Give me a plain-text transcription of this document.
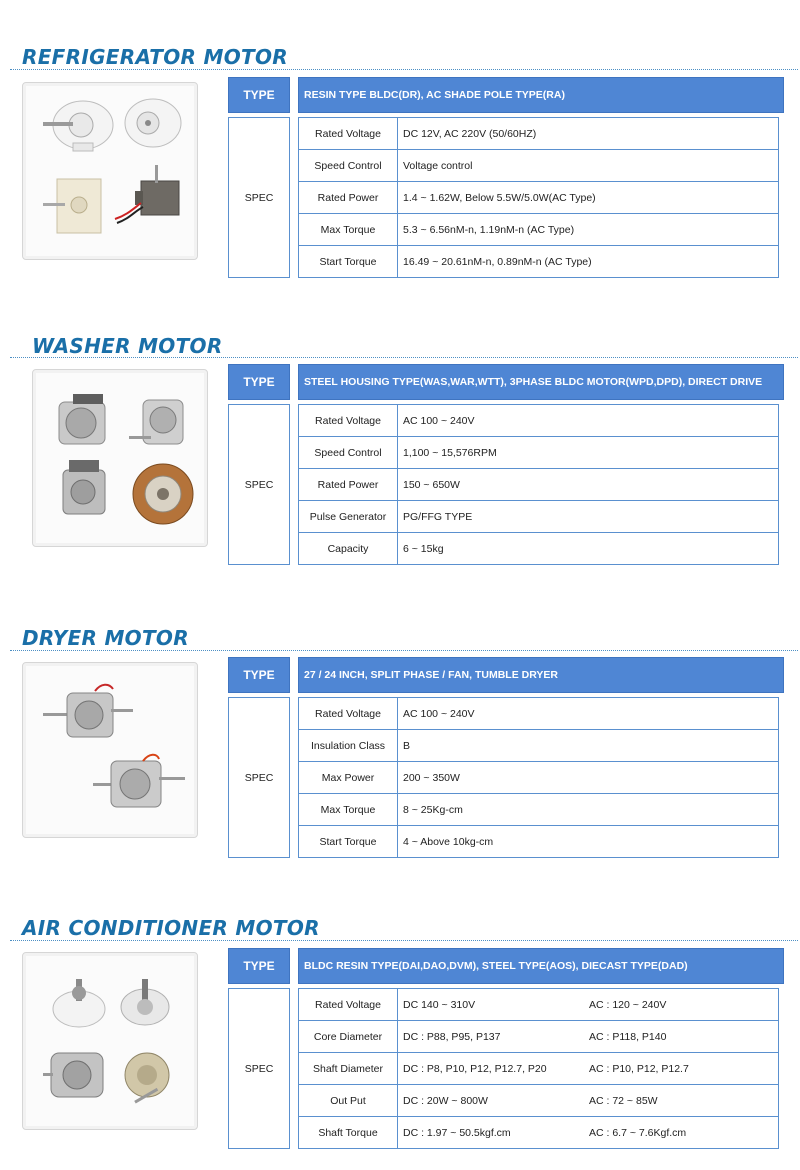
REFRIGERATOR MOTOR
TYPE		RESIN TYPE BLDC(DR), AC SHADE POLE TYPE(RA)

SPEC		
Rated Voltage	DC 12V, AC 220V (50/60HZ)
Speed Control	Voltage control
Rated Power	1.4 ~ 1.62W, Below 5.5W/5.0W(AC Type)
Max Torque	5.3 ~ 6.56nM-n, 1.19nM-n (AC Type)
Start Torque	16.49 ~ 20.61nM-n, 0.89nM-n (AC Type)
WASHER MOTOR
TYPE		STEEL HOUSING TYPE(WAS,WAR,WTT), 3PHASE BLDC MOTOR(WPD,DPD), DIRECT DRIVE

SPEC		
Rated Voltage	AC 100 ~ 240V
Speed Control	1,100 ~ 15,576RPM
Rated Power	150 ~ 650W
Pulse Generator	PG/FFG TYPE
Capacity	6 ~ 15kg
DRYER MOTOR
TYPE		27 / 24 INCH, SPLIT PHASE / FAN, TUMBLE DRYER

SPEC		
Rated Voltage	AC 100 ~ 240V
Insulation Class	B
Max Power	200 ~ 350W
Max Torque	8 ~ 25Kg-cm
Start Torque	4 ~ Above 10kg-cm
AIR CONDITIONER MOTOR
TYPE		BLDC RESIN TYPE(DAI,DAO,DVM), STEEL TYPE(AOS), DIECAST TYPE(DAD)

SPEC		
Rated Voltage	DC 140 ~ 310V	AC : 120 ~ 240V
Core Diameter	DC : P88, P95, P137	AC : P118, P140
Shaft Diameter	DC : P8, P10, P12, P12.7, P20	AC : P10, P12, P12.7
Out Put	DC : 20W ~ 800W	AC : 72 ~ 85W
Shaft Torque	DC : 1.97 ~ 50.5kgf.cm	AC : 6.7 ~ 7.6Kgf.cm
